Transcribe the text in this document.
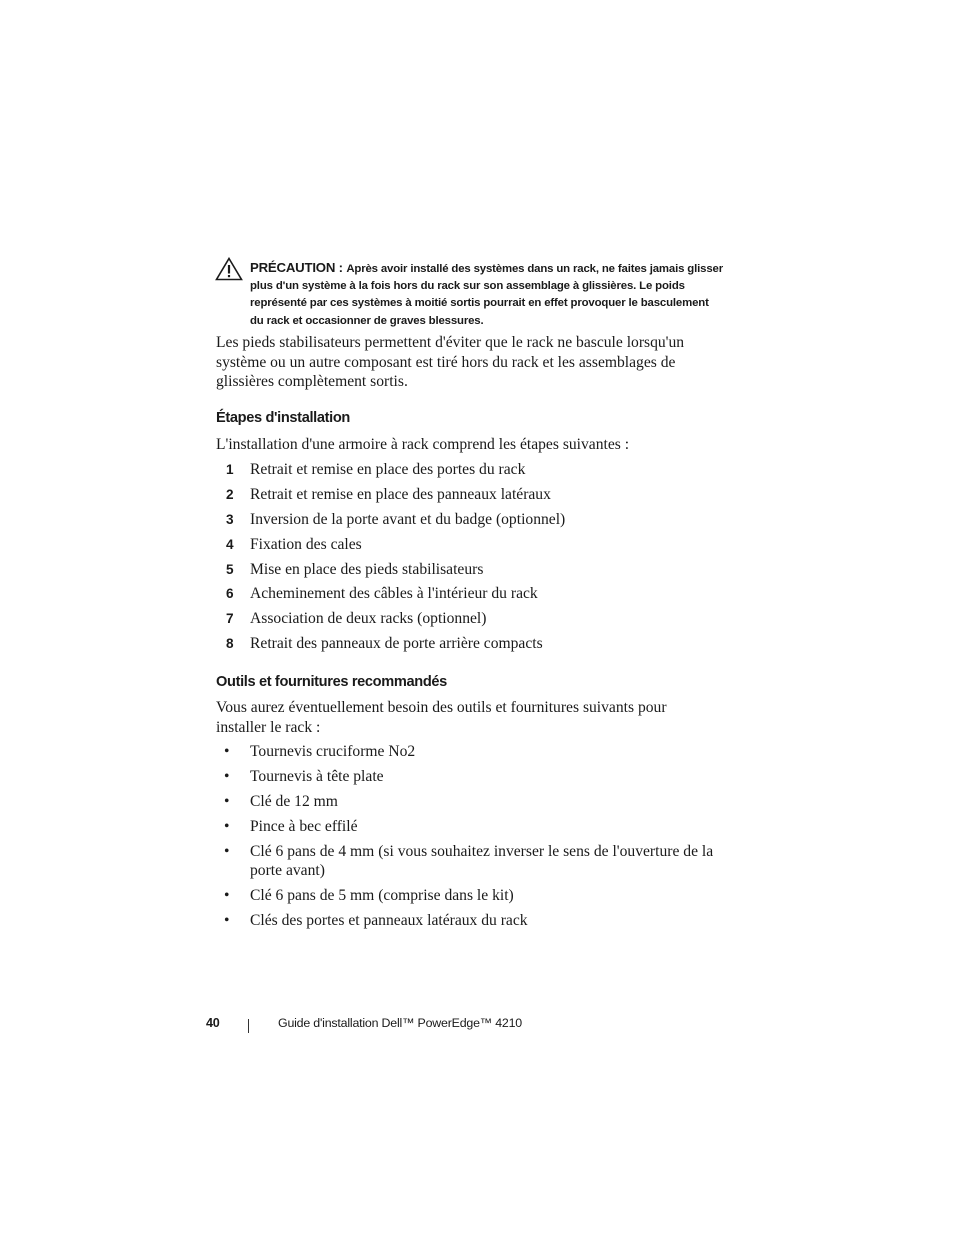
PRÉCAUTION : Après avoir installé des systèmes dans un rack, ne faites jamais glisser plus d'un système à la fois hors du rack sur son assemblage à glissières. Le poids représenté par ces systèmes à moitié sortis pourrait en effet provoquer le basculement du rack et occasionner de graves blessures.

Les pieds stabilisateurs permettent d'éviter que le rack ne bascule lorsqu'un système ou un autre composant est tiré hors du rack et les assemblages de glissières complètement sortis.

Étapes d'installation

L'installation d'une armoire à rack comprend les étapes suivantes :

1 Retrait et remise en place des portes du rack
2 Retrait et remise en place des panneaux latéraux
3 Inversion de la porte avant et du badge (optionnel)
4 Fixation des cales
5 Mise en place des pieds stabilisateurs
6 Acheminement des câbles à l'intérieur du rack
7 Association de deux racks (optionnel)
8 Retrait des panneaux de porte arrière compacts
Outils et fournitures recommandés

Vous aurez éventuellement besoin des outils et fournitures suivants pour installer le rack :

• Tournevis cruciforme No2
• Tournevis à tête plate
• Clé de 12 mm
• Pince à bec effilé
• Clé 6 pans de 4 mm (si vous souhaitez inverser le sens de l'ouverture de la porte avant)
• Clé 6 pans de 5 mm (comprise dans le kit)
• Clés des portes et panneaux latéraux du rack
40	Guide d'installation Dell™ PowerEdge™ 4210
